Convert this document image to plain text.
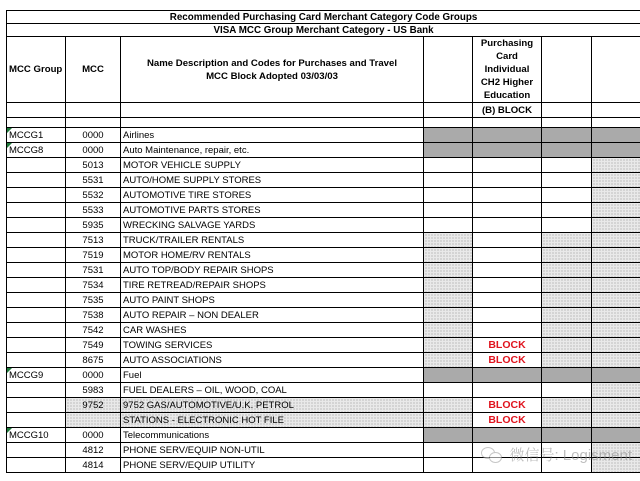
Recommended Purchasing Card Merchant Category Code Groups						
VISA MCC Group Merchant Category - US Bank						
MCC Group	MCC	Name Description and Codes for Purchases and Travel MCC Block Adopted 03/03/03		Purchasing Card Individual CH2 Higher Education		
				(B) BLOCK		

MCCG1	0000	Airlines				
MCCG8	0000	Auto Maintenance, repair, etc.				
	5013	MOTOR VEHICLE SUPPLY				
	5531	AUTO/HOME SUPPLY STORES				
	5532	AUTOMOTIVE TIRE STORES				
	5533	AUTOMOTIVE PARTS STORES				
	5935	WRECKING SALVAGE YARDS				
	7513	TRUCK/TRAILER RENTALS				
	7519	MOTOR HOME/RV RENTALS				
	7531	AUTO TOP/BODY REPAIR SHOPS				
	7534	TIRE RETREAD/REPAIR SHOPS				
	7535	AUTO PAINT SHOPS				
	7538	AUTO REPAIR – NON DEALER				
	7542	CAR WASHES				
	7549	TOWING SERVICES		BLOCK		
	8675	AUTO ASSOCIATIONS		BLOCK		
MCCG9	0000	Fuel				
	5983	FUEL DEALERS – OIL, WOOD, COAL				
	9752	9752 GAS/AUTOMOTIVE/U.K. PETROL		BLOCK		
		STATIONS - ELECTRONIC HOT FILE		BLOCK		
MCCG10	0000	Telecommunications				
	4812	PHONE SERV/EQUIP NON-UTIL				
	4814	PHONE SERV/EQUIP UTILITY				
微信号: Logisment
